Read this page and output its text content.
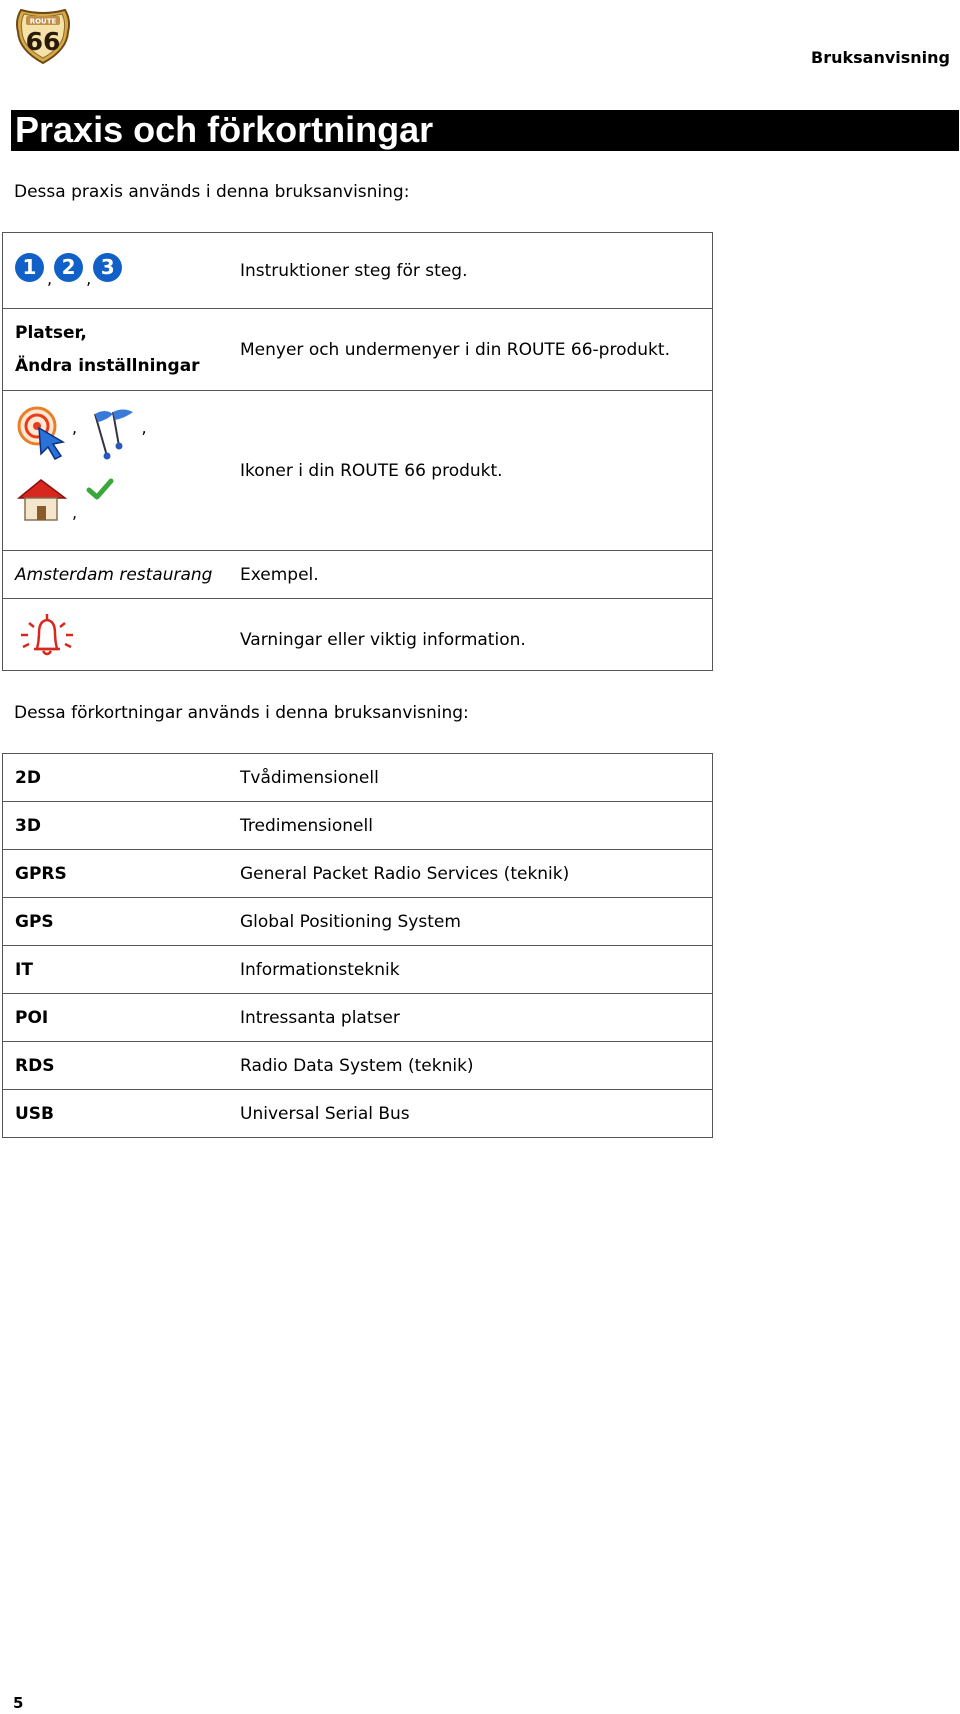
ROUTE
66
Bruksanvisning
Praxis och förkortningar
Dessa praxis används i denna bruksanvisning:
1 , 2 , 3	Instruktioner steg för steg.

Platser,
Ändra inställningar	Menyer och undermenyer i din ROUTE 66-produkt.

, ,
,	Ikoner i din ROUTE 66 produkt.
Amsterdam restaurang	Exempel.
	Varningar eller viktig information.
Dessa förkortningar används i denna bruksanvisning:
2D	Tvådimensionell
3D	Tredimensionell
GPRS	General Packet Radio Services (teknik)
GPS	Global Positioning System
IT	Informationsteknik
POI	Intressanta platser
RDS	Radio Data System (teknik)
USB	Universal Serial Bus
5
